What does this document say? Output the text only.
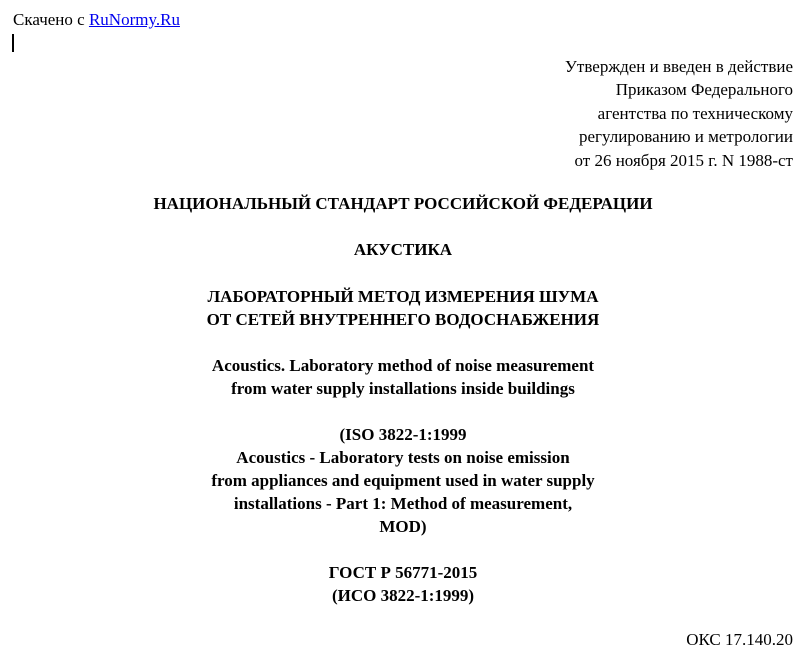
Скачено с RuNormy.Ru
Утвержден и введен в действие
Приказом Федерального
агентства по техническому
регулированию и метрологии
от 26 ноября 2015 г. N 1988-ст
НАЦИОНАЛЬНЫЙ СТАНДАРТ РОССИЙСКОЙ ФЕДЕРАЦИИ
АКУСТИКА
ЛАБОРАТОРНЫЙ МЕТОД ИЗМЕРЕНИЯ ШУМА
ОТ СЕТЕЙ ВНУТРЕННЕГО ВОДОСНАБЖЕНИЯ
Acoustics. Laboratory method of noise measurement
from water supply installations inside buildings
(ISO 3822-1:1999
Acoustics - Laboratory tests on noise emission
from appliances and equipment used in water supply
installations - Part 1: Method of measurement,
MOD)
ГОСТ Р 56771-2015
(ИСО 3822-1:1999)
ОКС 17.140.20
